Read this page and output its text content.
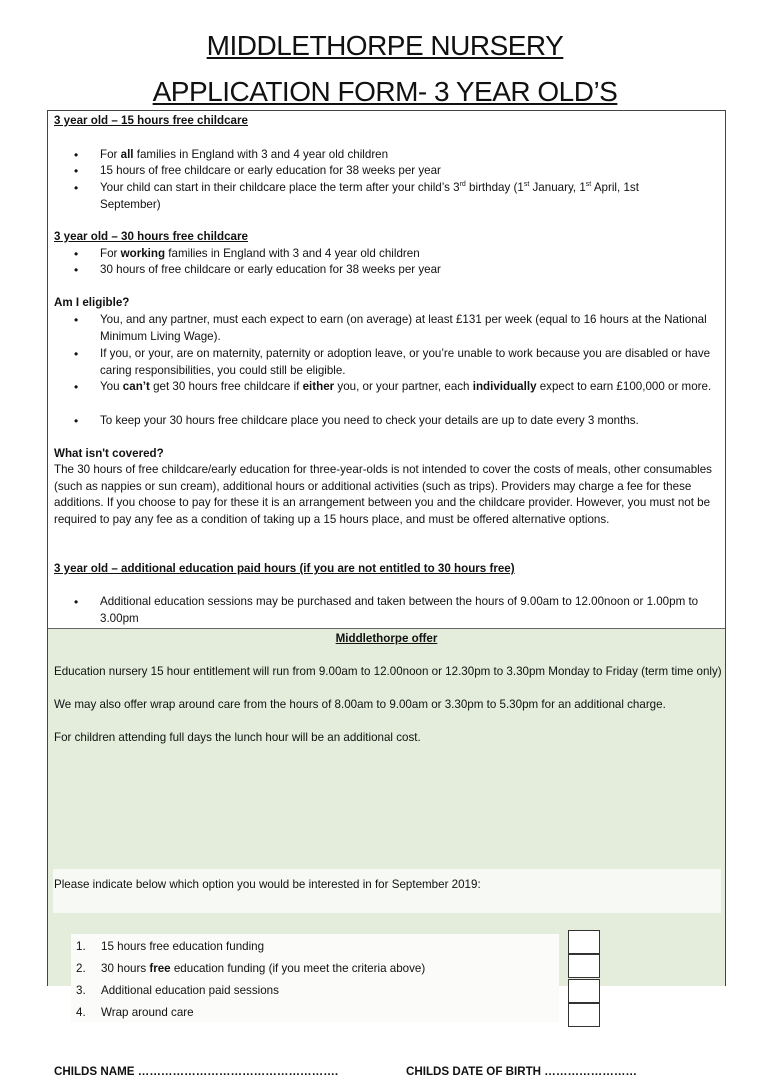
MIDDLETHORPE NURSERY
APPLICATION FORM- 3 YEAR OLD’S
3 year old – 15 hours free childcare
• For all families in England with 3 and 4 year old children
• 15 hours of free childcare or early education for 38 weeks per year
• Your child can start in their childcare place the term after your child’s 3rd birthday (1st January, 1st April, 1st
September)
3 year old – 30 hours free childcare
• For working families in England with 3 and 4 year old children
• 30 hours of free childcare or early education for 38 weeks per year
Am I eligible?
• You, and any partner, must each expect to earn (on average) at least £131 per week (equal to 16 hours at the National Minimum Living Wage).
• If you, or your, are on maternity, paternity or adoption leave, or you’re unable to work because you are disabled or have caring responsibilities, you could still be eligible.
• You can’t get 30 hours free childcare if either you, or your partner, each individually expect to earn £100,000 or more.
• To keep your 30 hours free childcare place you need to check your details are up to date every 3 months.
What isn't covered?
The 30 hours of free childcare/early education for three-year-olds is not intended to cover the costs of meals, other consumables (such as nappies or sun cream), additional hours or additional activities (such as trips). Providers may charge a fee for these additions. If you choose to pay for these it is an arrangement between you and the childcare provider. However, you must not be required to pay any fee as a condition of taking up a 15 hours place, and must be offered alternative options.
3 year old – additional education paid hours (if you are not entitled to 30 hours free)
• Additional education sessions may be purchased and taken between the hours of 9.00am to 12.00noon or 1.00pm to 3.00pm
Middlethorpe offer
Education nursery 15 hour entitlement will run from 9.00am to 12.00noon or 12.30pm to 3.30pm Monday to Friday (term time only)
We may also offer wrap around care from the hours of 8.00am to 9.00am or 3.30pm to 5.30pm for an additional charge.
For children attending full days the lunch hour will be an additional cost.
Please indicate below which option you would be interested in for September 2019:
1. 15 hours free education funding
2. 30 hours free education funding (if you meet the criteria above)
3. Additional education paid sessions
4. Wrap around care
CHILDS NAME …………………………………………….	CHILDS DATE OF BIRTH ……………………
